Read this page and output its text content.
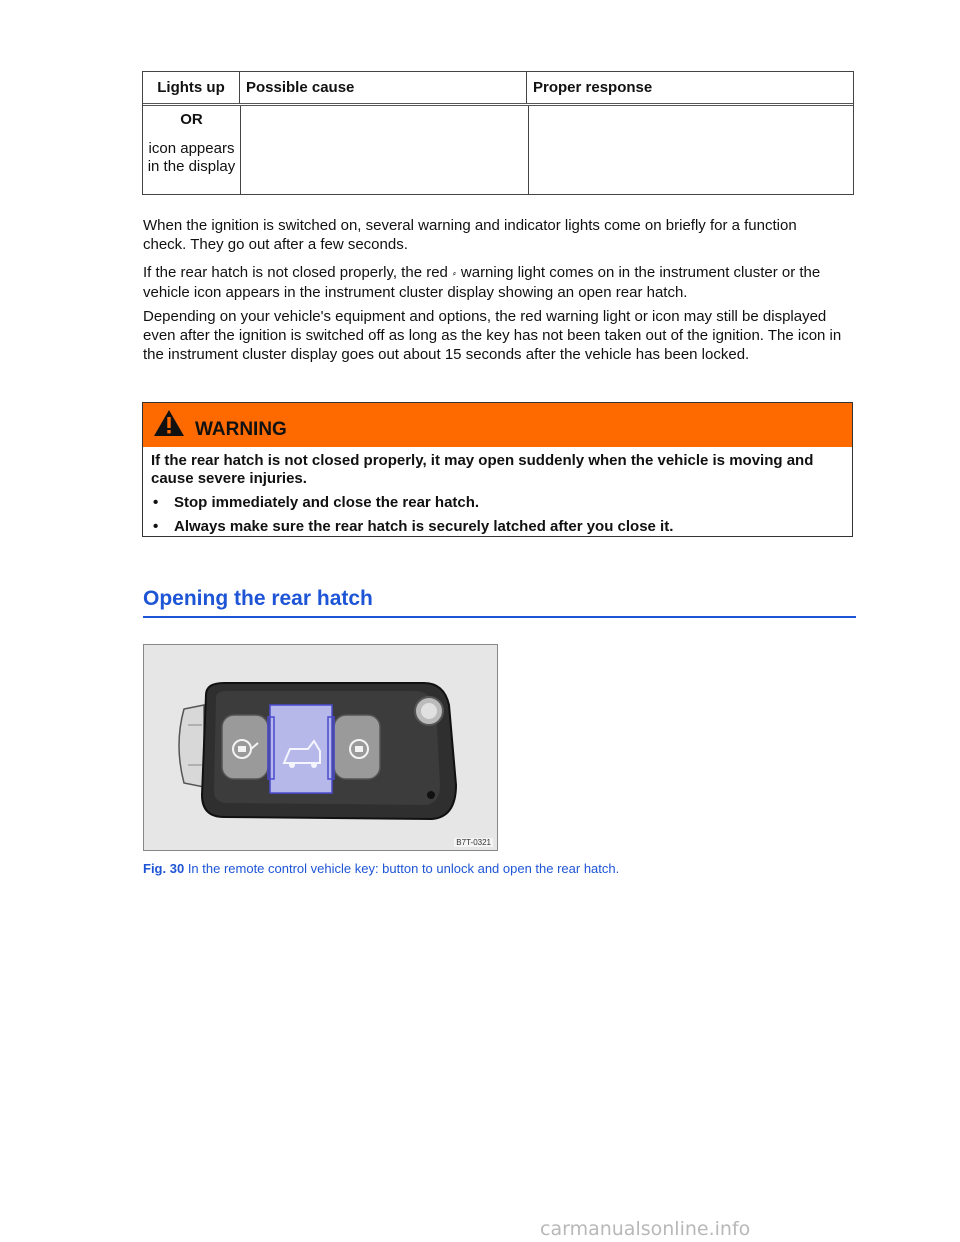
Lights up	Possible cause	Proper response
OR
icon appears in the display

When the ignition is switched on, several warning and indicator lights come on briefly for a function check. They go out after a few seconds.

If the rear hatch is not closed properly, the red ⸗ warning light comes on in the instrument cluster or the vehicle icon appears in the instrument cluster display showing an open rear hatch.

Depending on your vehicle's equipment and options, the red warning light or icon may still be displayed even after the ignition is switched off as long as the key has not been taken out of the ignition. The icon in the instrument cluster display goes out about 15 seconds after the vehicle has been locked.

WARNING

If the rear hatch is not closed properly, it may open suddenly when the vehicle is moving and cause severe injuries.

•	Stop immediately and close the rear hatch.
•	Always make sure the rear hatch is securely latched after you close it.
Opening the rear hatch
B7T-0321
Fig. 30 In the remote control vehicle key: button to unlock and open the rear hatch.
carmanualsonline.info
